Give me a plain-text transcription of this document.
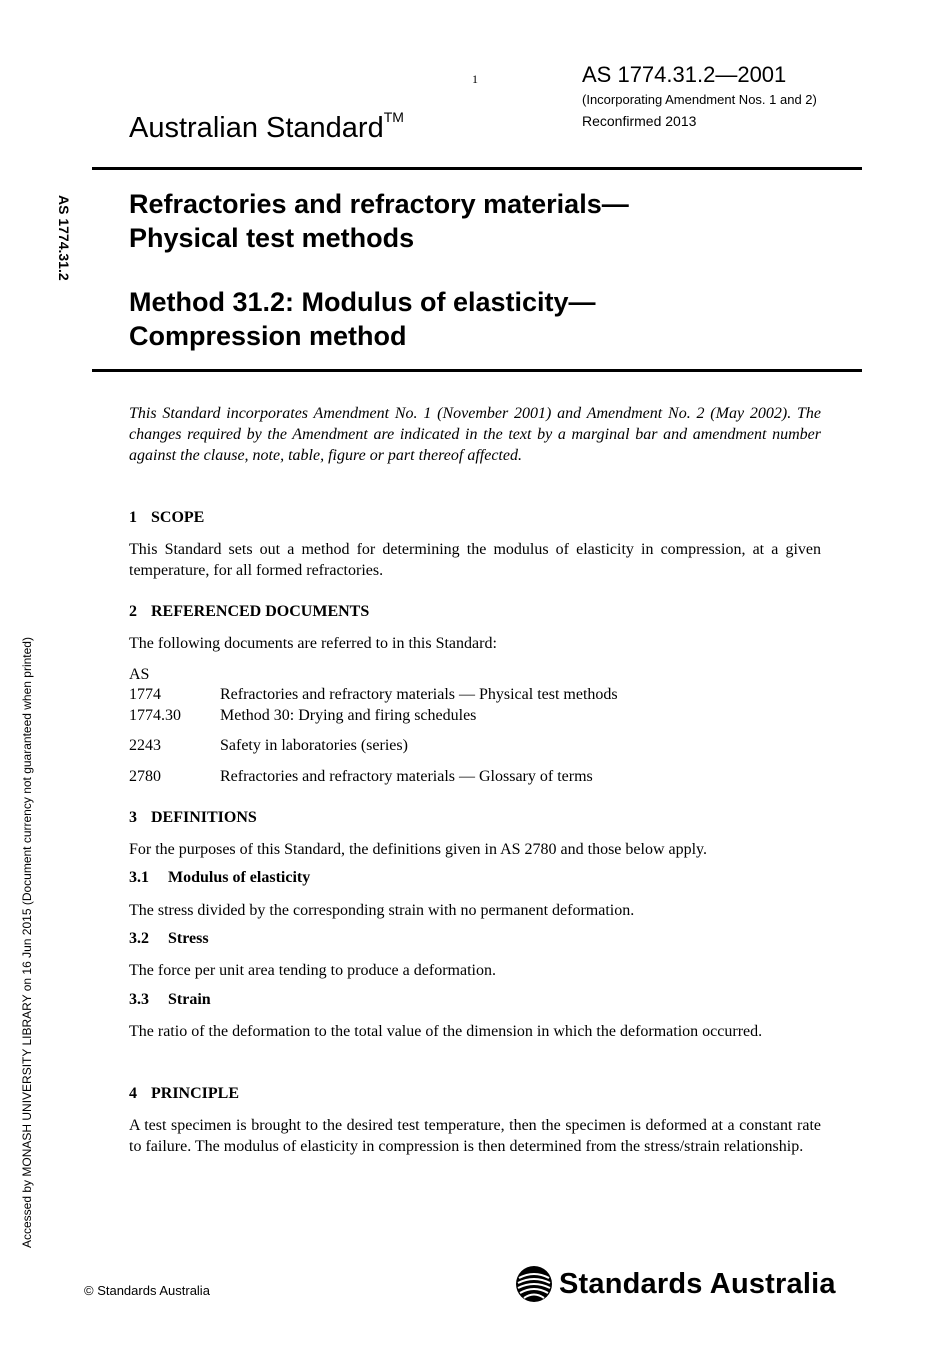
1	AS 1774.31.2—2001
(Incorporating Amendment Nos. 1 and 2)
Reconfirmed 2013
Australian Standard™
AS 1774.31.2 Refractories and refractory materials—
Physical test methods
Method 31.2: Modulus of elasticity—
Compression method
This Standard incorporates Amendment No. 1 (November 2001) and Amendment No. 2 (May 2002). The changes required by the Amendment are indicated in the text by a marginal bar and amendment number against the clause, note, table, figure or part thereof affected.
1 SCOPE
This Standard sets out a method for determining the modulus of elasticity in compression, at a given temperature, for all formed refractories.
2 REFERENCED DOCUMENTS
The following documents are referred to in this Standard:
AS
1774	Refractories and refractory materials — Physical test methods
1774.30 Method 30: Drying and firing schedules
2243	Safety in laboratories (series)
2780	Refractories and refractory materials — Glossary of terms
3 DEFINITIONS
For the purposes of this Standard, the definitions given in AS 2780 and those below apply.
3.1 Modulus of elasticity
The stress divided by the corresponding strain with no permanent deformation.
3.2 Stress
The force per unit area tending to produce a deformation.
3.3 Strain
The ratio of the deformation to the total value of the dimension in which the deformation occurred.
4 PRINCIPLE
A test specimen is brought to the desired test temperature, then the specimen is deformed at a constant rate to failure. The modulus of elasticity in compression is then determined from the stress/strain relationship.
Accessed by MONASH UNIVERSITY LIBRARY on 16 Jun 2015 (Document currency not guaranteed when printed)
© Standards Australia	Standards Australia
